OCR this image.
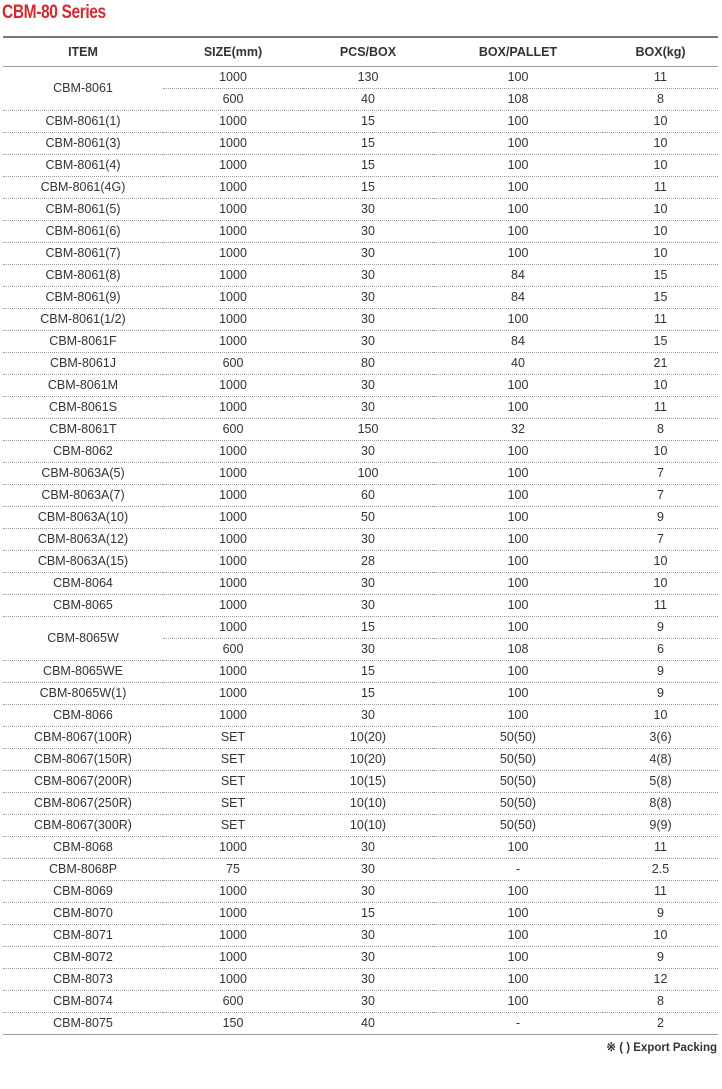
CBM-80 Series
ITEM	SIZE(mm)	PCS/BOX	BOX/PALLET	BOX(kg)
CBM-8061	1000	130	100	11
	600	40	108	8
CBM-8061(1)	1000	15	100	10
CBM-8061(3)	1000	15	100	10
CBM-8061(4)	1000	15	100	10
CBM-8061(4G)	1000	15	100	11
CBM-8061(5)	1000	30	100	10
CBM-8061(6)	1000	30	100	10
CBM-8061(7)	1000	30	100	10
CBM-8061(8)	1000	30	84	15
CBM-8061(9)	1000	30	84	15
CBM-8061(1/2)	1000	30	100	11
CBM-8061F	1000	30	84	15
CBM-8061J	600	80	40	21
CBM-8061M	1000	30	100	10
CBM-8061S	1000	30	100	11
CBM-8061T	600	150	32	8
CBM-8062	1000	30	100	10
CBM-8063A(5)	1000	100	100	7
CBM-8063A(7)	1000	60	100	7
CBM-8063A(10)	1000	50	100	9
CBM-8063A(12)	1000	30	100	7
CBM-8063A(15)	1000	28	100	10
CBM-8064	1000	30	100	10
CBM-8065	1000	30	100	11
CBM-8065W	1000	15	100	9
	600	30	108	6
CBM-8065WE	1000	15	100	9
CBM-8065W(1)	1000	15	100	9
CBM-8066	1000	30	100	10
CBM-8067(100R)	SET	10(20)	50(50)	3(6)
CBM-8067(150R)	SET	10(20)	50(50)	4(8)
CBM-8067(200R)	SET	10(15)	50(50)	5(8)
CBM-8067(250R)	SET	10(10)	50(50)	8(8)
CBM-8067(300R)	SET	10(10)	50(50)	9(9)
CBM-8068	1000	30	100	11
CBM-8068P	75	30	-	2.5
CBM-8069	1000	30	100	11
CBM-8070	1000	15	100	9
CBM-8071	1000	30	100	10
CBM-8072	1000	30	100	9
CBM-8073	1000	30	100	12
CBM-8074	600	30	100	8
CBM-8075	150	40	-	2
※ ( ) Export Packing
